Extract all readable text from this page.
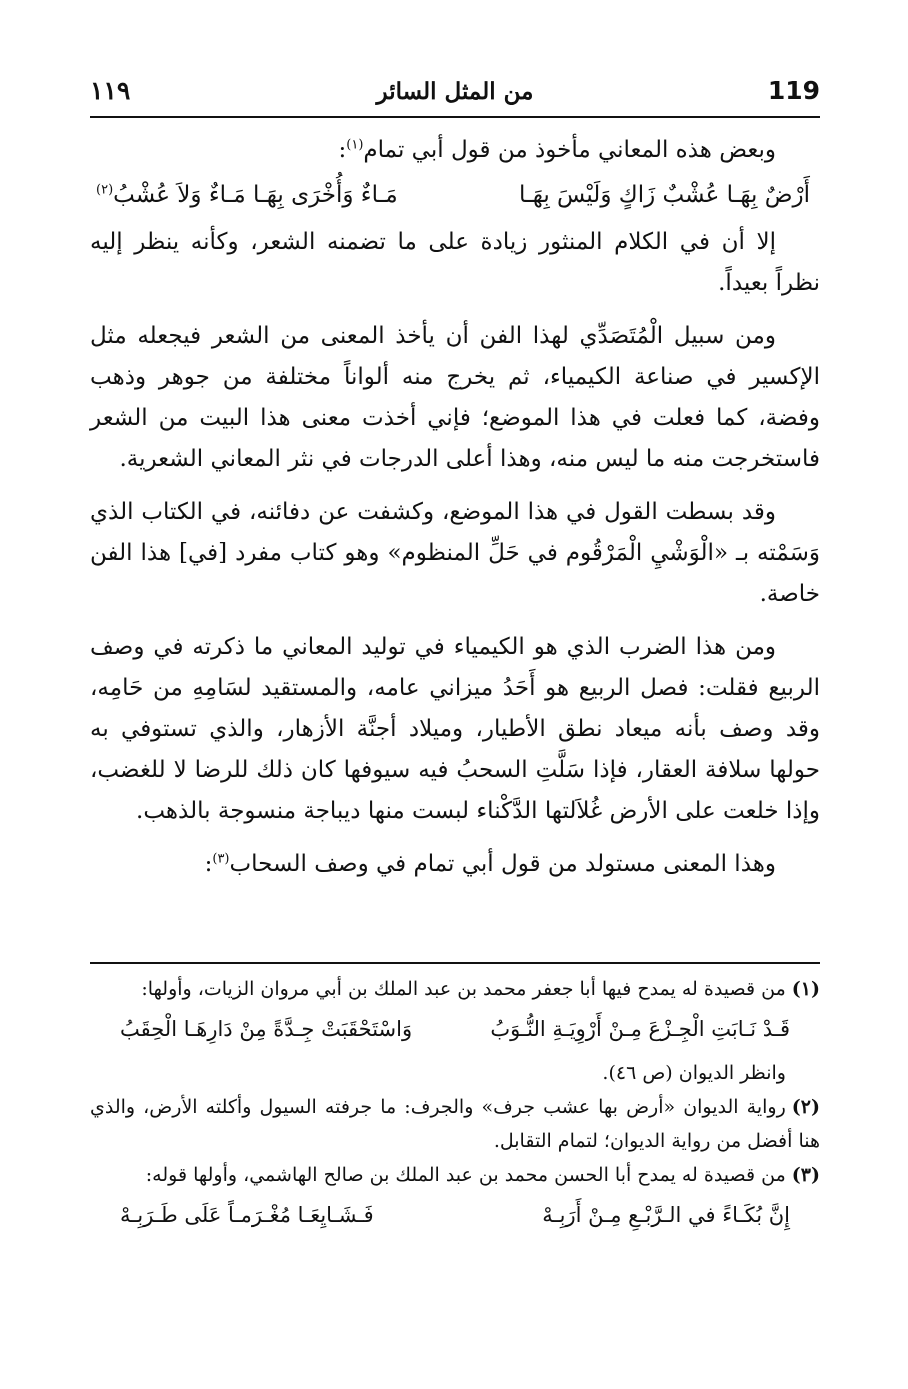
١١٩	من المثل السائر	119

وبعض هذه المعاني مأخوذ من قول أبي تمام$^{(١)}$:

أَرْضٌ بِهَـا عُشْبٌ زَاكٍ وَلَيْسَ بِهَـا
مَـاءٌ وَأُخْرَى بِهَـا مَـاءٌ وَلاَ عُشْبُ$^{(٢)}$

إلا أن في الكلام المنثور زيادة على ما تضمنه الشعر، وكأنه ينظر إليه نظراً بعيداً.

ومن سبيل الْمُتَصَدِّي لهذا الفن أن يأخذ المعنى من الشعر فيجعله مثل الإكسير في صناعة الكيمياء، ثم يخرج منه ألواناً مختلفة من جوهر وذهب وفضة، كما فعلت في هذا الموضع؛ فإني أخذت معنى هذا البيت من الشعر فاستخرجت منه ما ليس منه، وهذا أعلى الدرجات في نثر المعاني الشعرية.

وقد بسطت القول في هذا الموضع، وكشفت عن دفائنه، في الكتاب الذي وَسَمْته بـ «الْوَشْيِ الْمَرْقُوم في حَلِّ المنظوم» وهو كتاب مفرد [في] هذا الفن خاصة.

ومن هذا الضرب الذي هو الكيمياء في توليد المعاني ما ذكرته في وصف الربيع فقلت: فصل الربيع هو أَحَدُ ميزاني عامه، والمستقيد لسَامِهِ من حَامِه، وقد وصف بأنه ميعاد نطق الأطيار، وميلاد أجنَّة الأزهار، والذي تستوفي به حولها سلافة العقار، فإذا سَلَّتِ السحبُ فيه سيوفها كان ذلك للرضا لا للغضب، وإذا خلعت على الأرض غُلاَلتها الدَّكْناء لبست منها ديباجة منسوجة بالذهب.

وهذا المعنى مستولد من قول أبي تمام في وصف السحاب$^{(٣)}$:

(١)من قصيدة له يمدح فيها أبا جعفر محمد بن عبد الملك بن أبي مروان الزيات، وأولها:

قَـدْ نَـابَتِ الْجِـزْعَ مِـنْ أَرْوِيَـةِ النُّـوَبُ
وَاسْتَحْقَبَتْ جِـدَّةً مِنْ دَارِهَـا الْحِقَبُ

وانظر الديوان (ص ٤٦).

(٢)رواية الديوان «أرض بها عشب جرف» والجرف: ما جرفته السيول وأكلته الأرض، والذي هنا أفضل من رواية الديوان؛ لتمام التقابل.

(٣)من قصيدة له يمدح أبا الحسن محمد بن عبد الملك بن صالح الهاشمي، وأولها قوله:

إِنَّ بُكَـاءً في الـرَّبْـعِ مِـنْ أَرَبِـهْ
فَـشَـايِعَـا مُغْـرَمـاً عَلَى طَـرَبِـهْ
